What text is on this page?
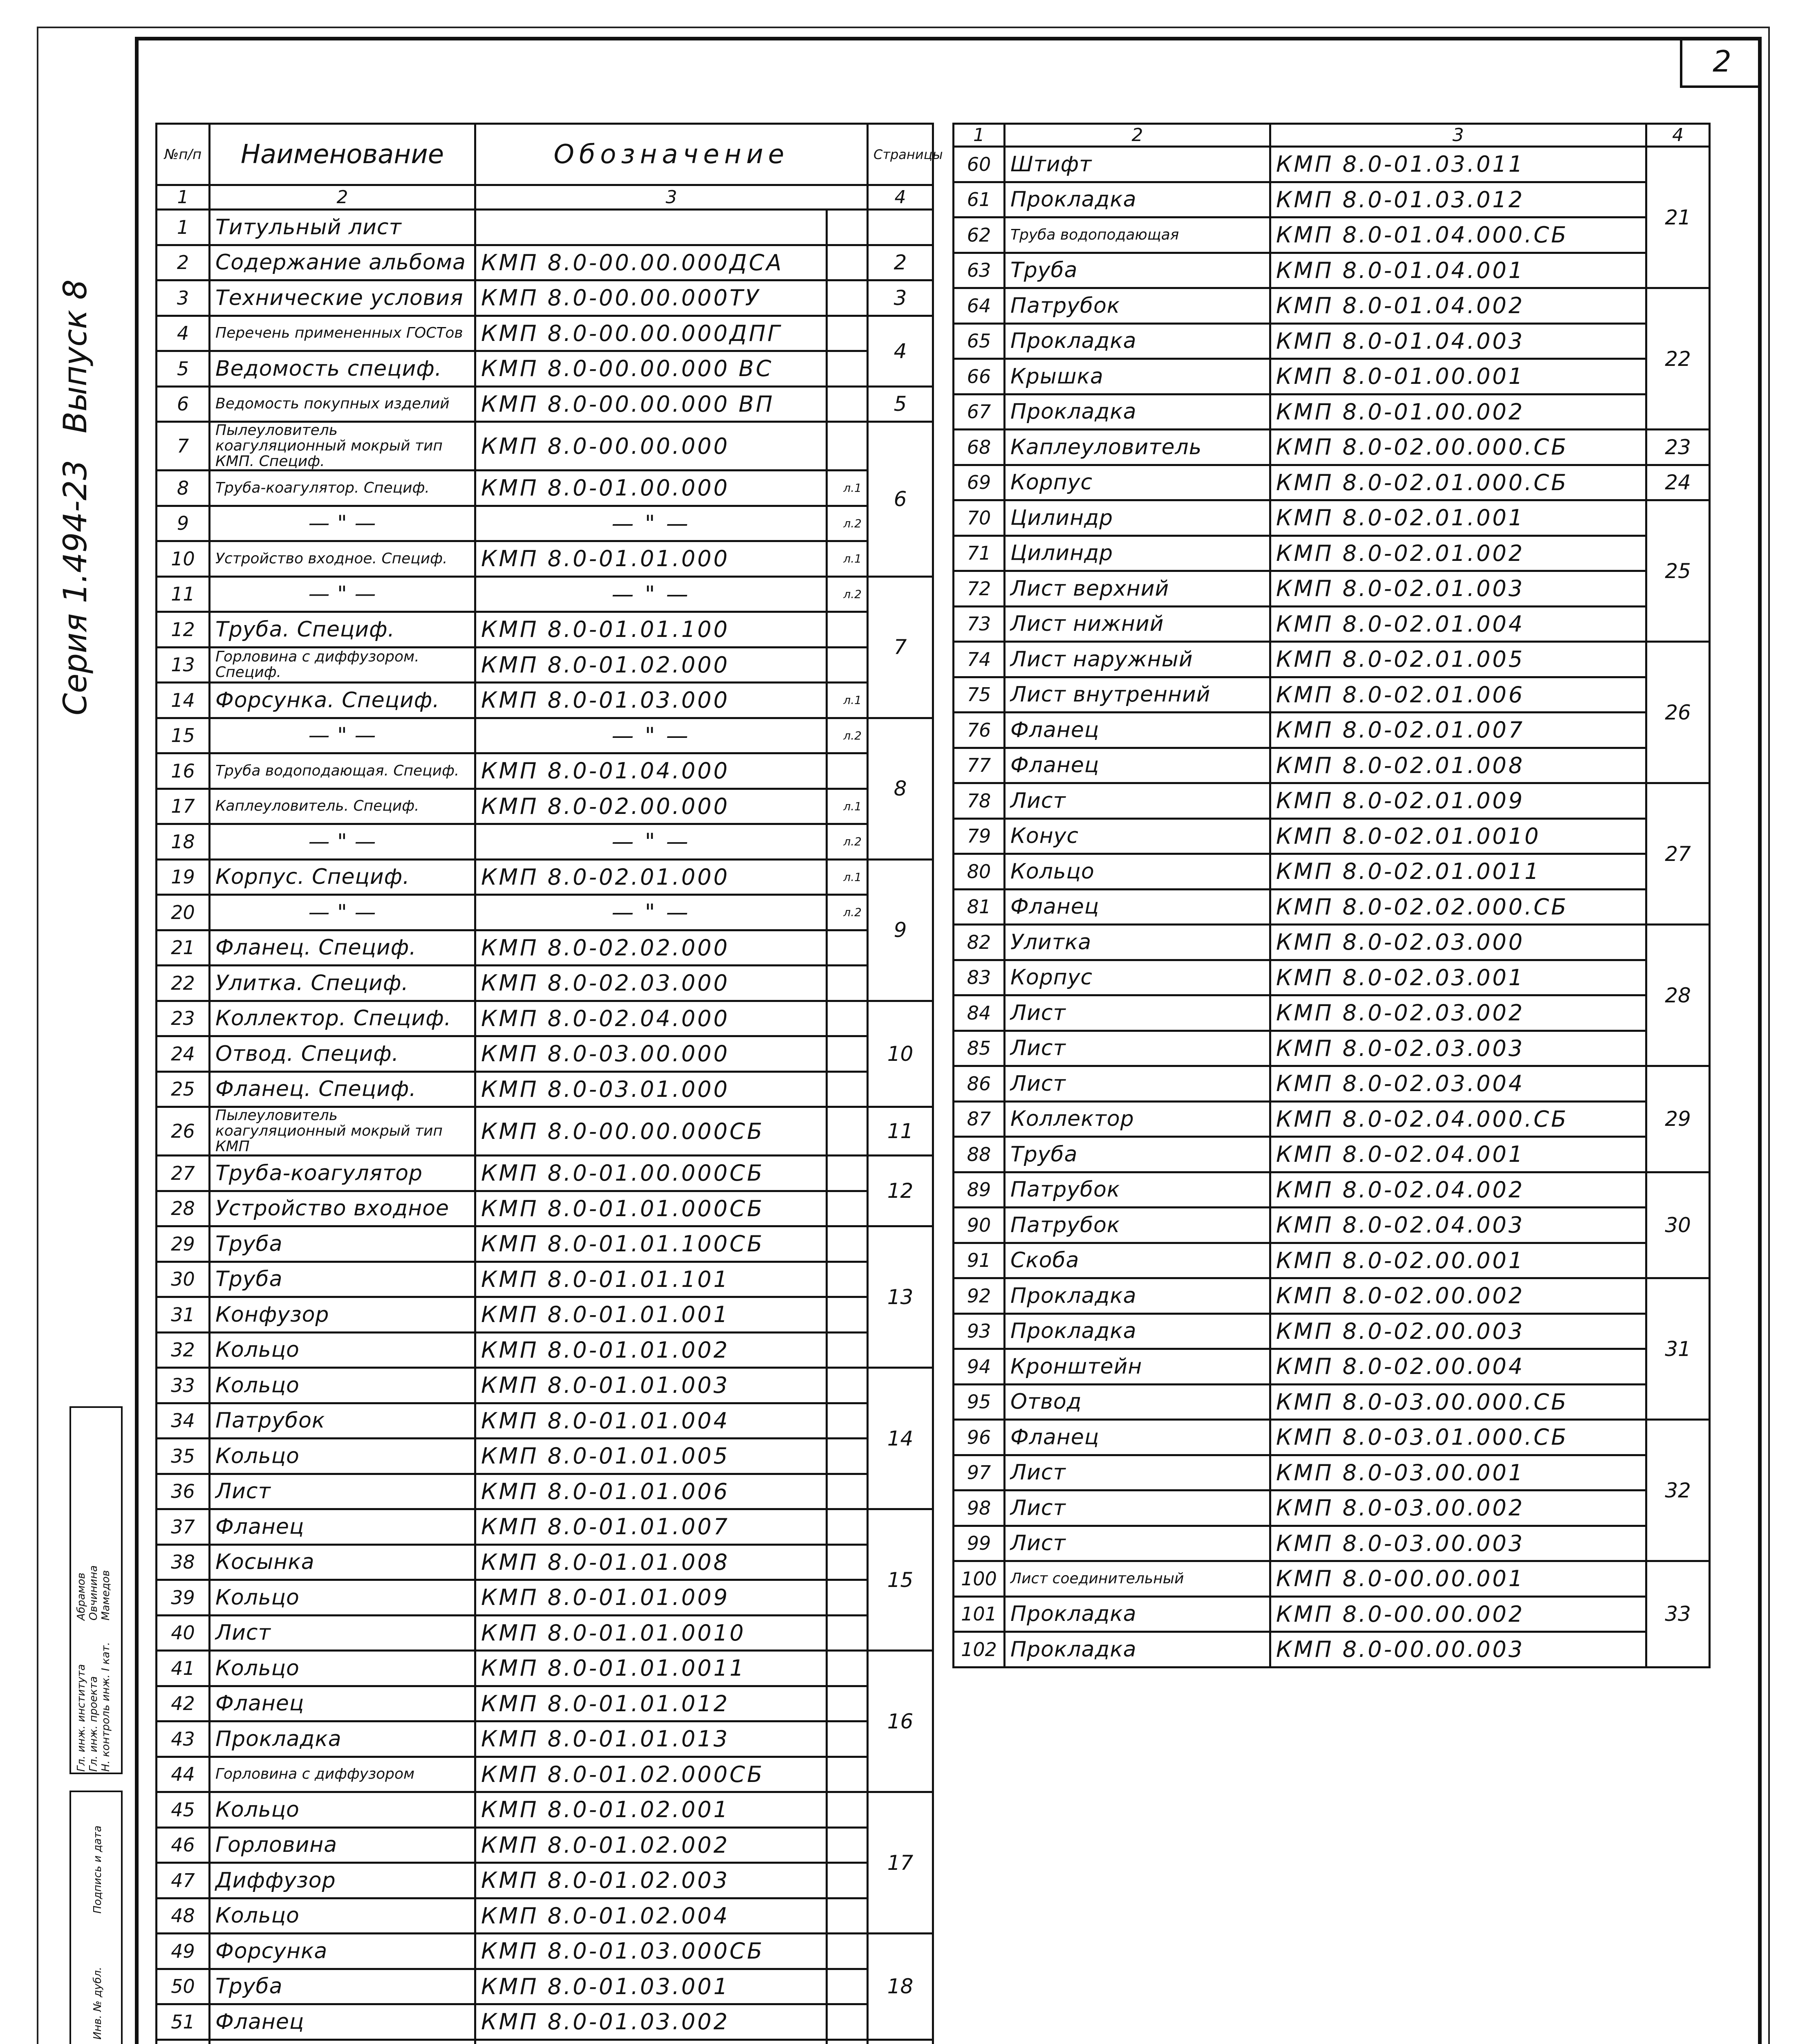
2
Серия 1.494-23 Выпуск 8
№п/п	Наименование	Обозначение		Страницы
1	2	3		4
1	Титульный лист			
2	Содержание альбома	КМП 8.0-00.00.000ДСА		2
3	Технические условия	КМП 8.0-00.00.000ТУ		3
4	Перечень примененных ГОСТов	КМП 8.0-00.00.000ДПГ		4
5	Ведомость специф.	КМП 8.0-00.00.000 ВС		
6	Ведомость покупных изделий	КМП 8.0-00.00.000 ВП		5
7	Пылеуловитель коагуляционный мокрый тип КМП. Специф.	КМП 8.0-00.00.000		6
8	Труба-коагулятор. Специф.	КМП 8.0-01.00.000	л.1	
9	— " —	— " —	л.2	
10	Устройство входное. Специф.	КМП 8.0-01.01.000	л.1	
11	— " —	— " —	л.2	7
12	Труба. Специф.	КМП 8.0-01.01.100		
13	Горловина с диффузором. Специф.	КМП 8.0-01.02.000		
14	Форсунка. Специф.	КМП 8.0-01.03.000	л.1	
15	— " —	— " —	л.2	8
16	Труба водоподающая. Специф.	КМП 8.0-01.04.000		
17	Каплеуловитель. Специф.	КМП 8.0-02.00.000	л.1	
18	— " —	— " —	л.2	
19	Корпус. Специф.	КМП 8.0-02.01.000	л.1	9
20	— " —	— " —	л.2	
21	Фланец. Специф.	КМП 8.0-02.02.000		
22	Улитка. Специф.	КМП 8.0-02.03.000		
23	Коллектор. Специф.	КМП 8.0-02.04.000		10
24	Отвод. Специф.	КМП 8.0-03.00.000		
25	Фланец. Специф.	КМП 8.0-03.01.000		
26	Пылеуловитель коагуляционный мокрый тип КМП	КМП 8.0-00.00.000СБ		11
27	Труба-коагулятор	КМП 8.0-01.00.000СБ		12
28	Устройство входное	КМП 8.0-01.01.000СБ		
29	Труба	КМП 8.0-01.01.100СБ		13
30	Труба	КМП 8.0-01.01.101		
31	Конфузор	КМП 8.0-01.01.001		
32	Кольцо	КМП 8.0-01.01.002		
33	Кольцо	КМП 8.0-01.01.003		14
34	Патрубок	КМП 8.0-01.01.004		
35	Кольцо	КМП 8.0-01.01.005		
36	Лист	КМП 8.0-01.01.006		
37	Фланец	КМП 8.0-01.01.007		15
38	Косынка	КМП 8.0-01.01.008		
39	Кольцо	КМП 8.0-01.01.009		
40	Лист	КМП 8.0-01.01.0010		
41	Кольцо	КМП 8.0-01.01.0011		16
42	Фланец	КМП 8.0-01.01.012		
43	Прокладка	КМП 8.0-01.01.013		
44	Горловина с диффузором	КМП 8.0-01.02.000СБ		
45	Кольцо	КМП 8.0-01.02.001		17
46	Горловина	КМП 8.0-01.02.002		
47	Диффузор	КМП 8.0-01.02.003		
48	Кольцо	КМП 8.0-01.02.004		
49	Форсунка	КМП 8.0-01.03.000СБ		18
50	Труба	КМП 8.0-01.03.001		
51	Фланец	КМП 8.0-01.03.002		

1	2	3	4
60	Штифт	КМП 8.0-01.03.011	21
61	Прокладка	КМП 8.0-01.03.012	
62	Труба водоподающая	КМП 8.0-01.04.000.СБ	
63	Труба	КМП 8.0-01.04.001	
64	Патрубок	КМП 8.0-01.04.002	22
65	Прокладка	КМП 8.0-01.04.003	
66	Крышка	КМП 8.0-01.00.001	
67	Прокладка	КМП 8.0-01.00.002	
68	Каплеуловитель	КМП 8.0-02.00.000.СБ	23
69	Корпус	КМП 8.0-02.01.000.СБ	24
70	Цилиндр	КМП 8.0-02.01.001	25
71	Цилиндр	КМП 8.0-02.01.002	
72	Лист верхний	КМП 8.0-02.01.003	
73	Лист нижний	КМП 8.0-02.01.004	
74	Лист наружный	КМП 8.0-02.01.005	26
75	Лист внутренний	КМП 8.0-02.01.006	
76	Фланец	КМП 8.0-02.01.007	
77	Фланец	КМП 8.0-02.01.008	
78	Лист	КМП 8.0-02.01.009	27
79	Конус	КМП 8.0-02.01.0010	
80	Кольцо	КМП 8.0-02.01.0011	
81	Фланец	КМП 8.0-02.02.000.СБ	
82	Улитка	КМП 8.0-02.03.000	28
83	Корпус	КМП 8.0-02.03.001	
84	Лист	КМП 8.0-02.03.002	
85	Лист	КМП 8.0-02.03.003	
86	Лист	КМП 8.0-02.03.004	29
87	Коллектор	КМП 8.0-02.04.000.СБ	
88	Труба	КМП 8.0-02.04.001	
89	Патрубок	КМП 8.0-02.04.002	30
90	Патрубок	КМП 8.0-02.04.003	
91	Скоба	КМП 8.0-02.00.001	
92	Прокладка	КМП 8.0-02.00.002	31
93	Прокладка	КМП 8.0-02.00.003	
94	Кронштейн	КМП 8.0-02.00.004	
95	Отвод	КМП 8.0-03.00.000.СБ	
96	Фланец	КМП 8.0-03.01.000.СБ	32
97	Лист	КМП 8.0-03.00.001	
98	Лист	КМП 8.0-03.00.002	
99	Лист	КМП 8.0-03.00.003	
100	Лист соединительный	КМП 8.0-00.00.001	33
101	Прокладка	КМП 8.0-00.00.002	
102	Прокладка	КМП 8.0-00.00.003	
Гл. инж. института Гл. инж. проекта Н. контроль инж. I кат.
Абрамов Овчинина Мамедов
Инв. № дубл. Подпись и дата
